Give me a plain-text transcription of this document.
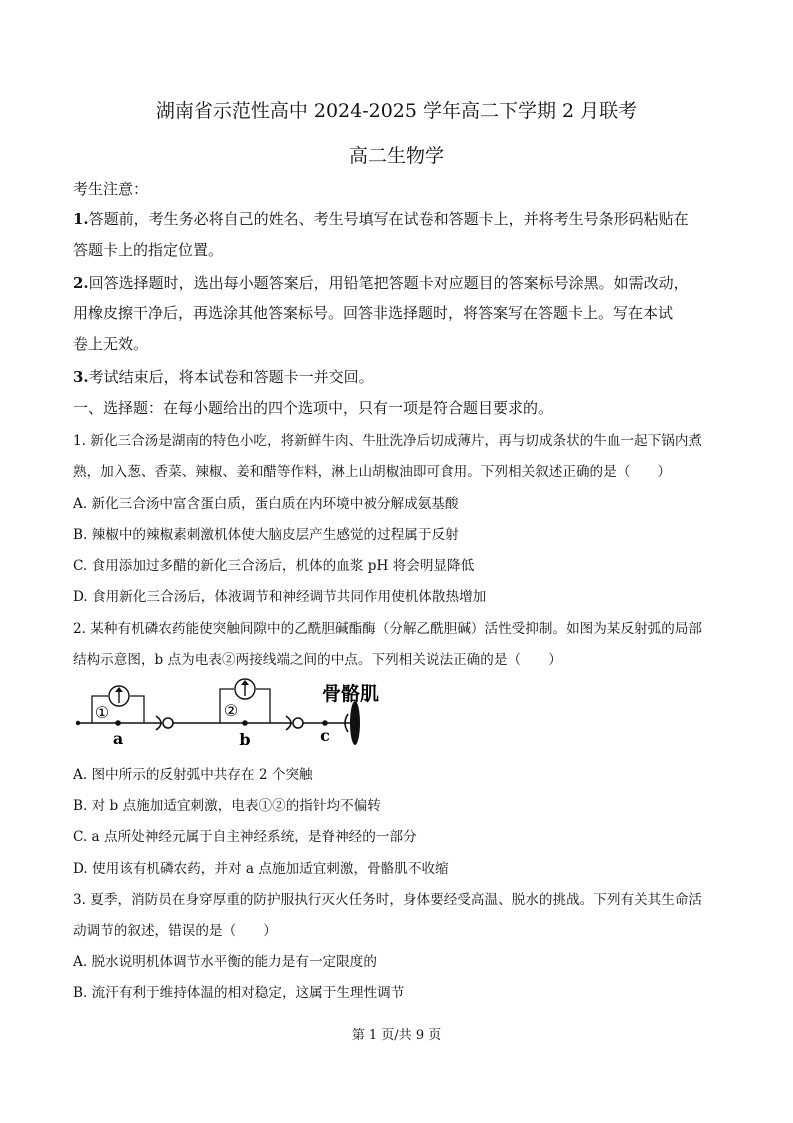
湖南省示范性高中 2024-2025 学年高二下学期 2 月联考
高二生物学
考生注意：
1.答题前，考生务必将自己的姓名、考生号填写在试卷和答题卡上，并将考生号条形码粘贴在
答题卡上的指定位置。
2.回答选择题时，选出每小题答案后，用铅笔把答题卡对应题目的答案标号涂黑。如需改动，
用橡皮擦干净后，再选涂其他答案标号。回答非选择题时，将答案写在答题卡上。写在本试
卷上无效。
3.考试结束后，将本试卷和答题卡一并交回。
一、选择题：在每小题给出的四个选项中，只有一项是符合题目要求的。
1. 新化三合汤是湖南的特色小吃，将新鲜牛肉、牛肚洗净后切成薄片，再与切成条状的牛血一起下锅内煮
熟，加入葱、香菜、辣椒、姜和醋等作料，淋上山胡椒油即可食用。下列相关叙述正确的是（　　）
A. 新化三合汤中富含蛋白质，蛋白质在内环境中被分解成氨基酸
B. 辣椒中的辣椒素刺激机体使大脑皮层产生感觉的过程属于反射
C. 食用添加过多醋的新化三合汤后，机体的血浆 pH 将会明显降低
D. 食用新化三合汤后，体液调节和神经调节共同作用使机体散热增加
2. 某种有机磷农药能使突触间隙中的乙酰胆碱酯酶（分解乙酰胆碱）活性受抑制。如图为某反射弧的局部
结构示意图，b 点为电表②两接线端之间的中点。下列相关说法正确的是（　　）
①
a
②
b	c
骨骼肌
A. 图中所示的反射弧中共存在 2 个突触
B. 对 b 点施加适宜刺激，电表①②的指针均不偏转
C. a 点所处神经元属于自主神经系统，是脊神经的一部分
D. 使用该有机磷农药，并对 a 点施加适宜刺激，骨骼肌不收缩
3. 夏季，消防员在身穿厚重的防护服执行灭火任务时，身体要经受高温、脱水的挑战。下列有关其生命活
动调节的叙述，错误的是（　　）
A. 脱水说明机体调节水平衡的能力是有一定限度的
B. 流汗有利于维持体温的相对稳定，这属于生理性调节
第 1 页/共 9 页
